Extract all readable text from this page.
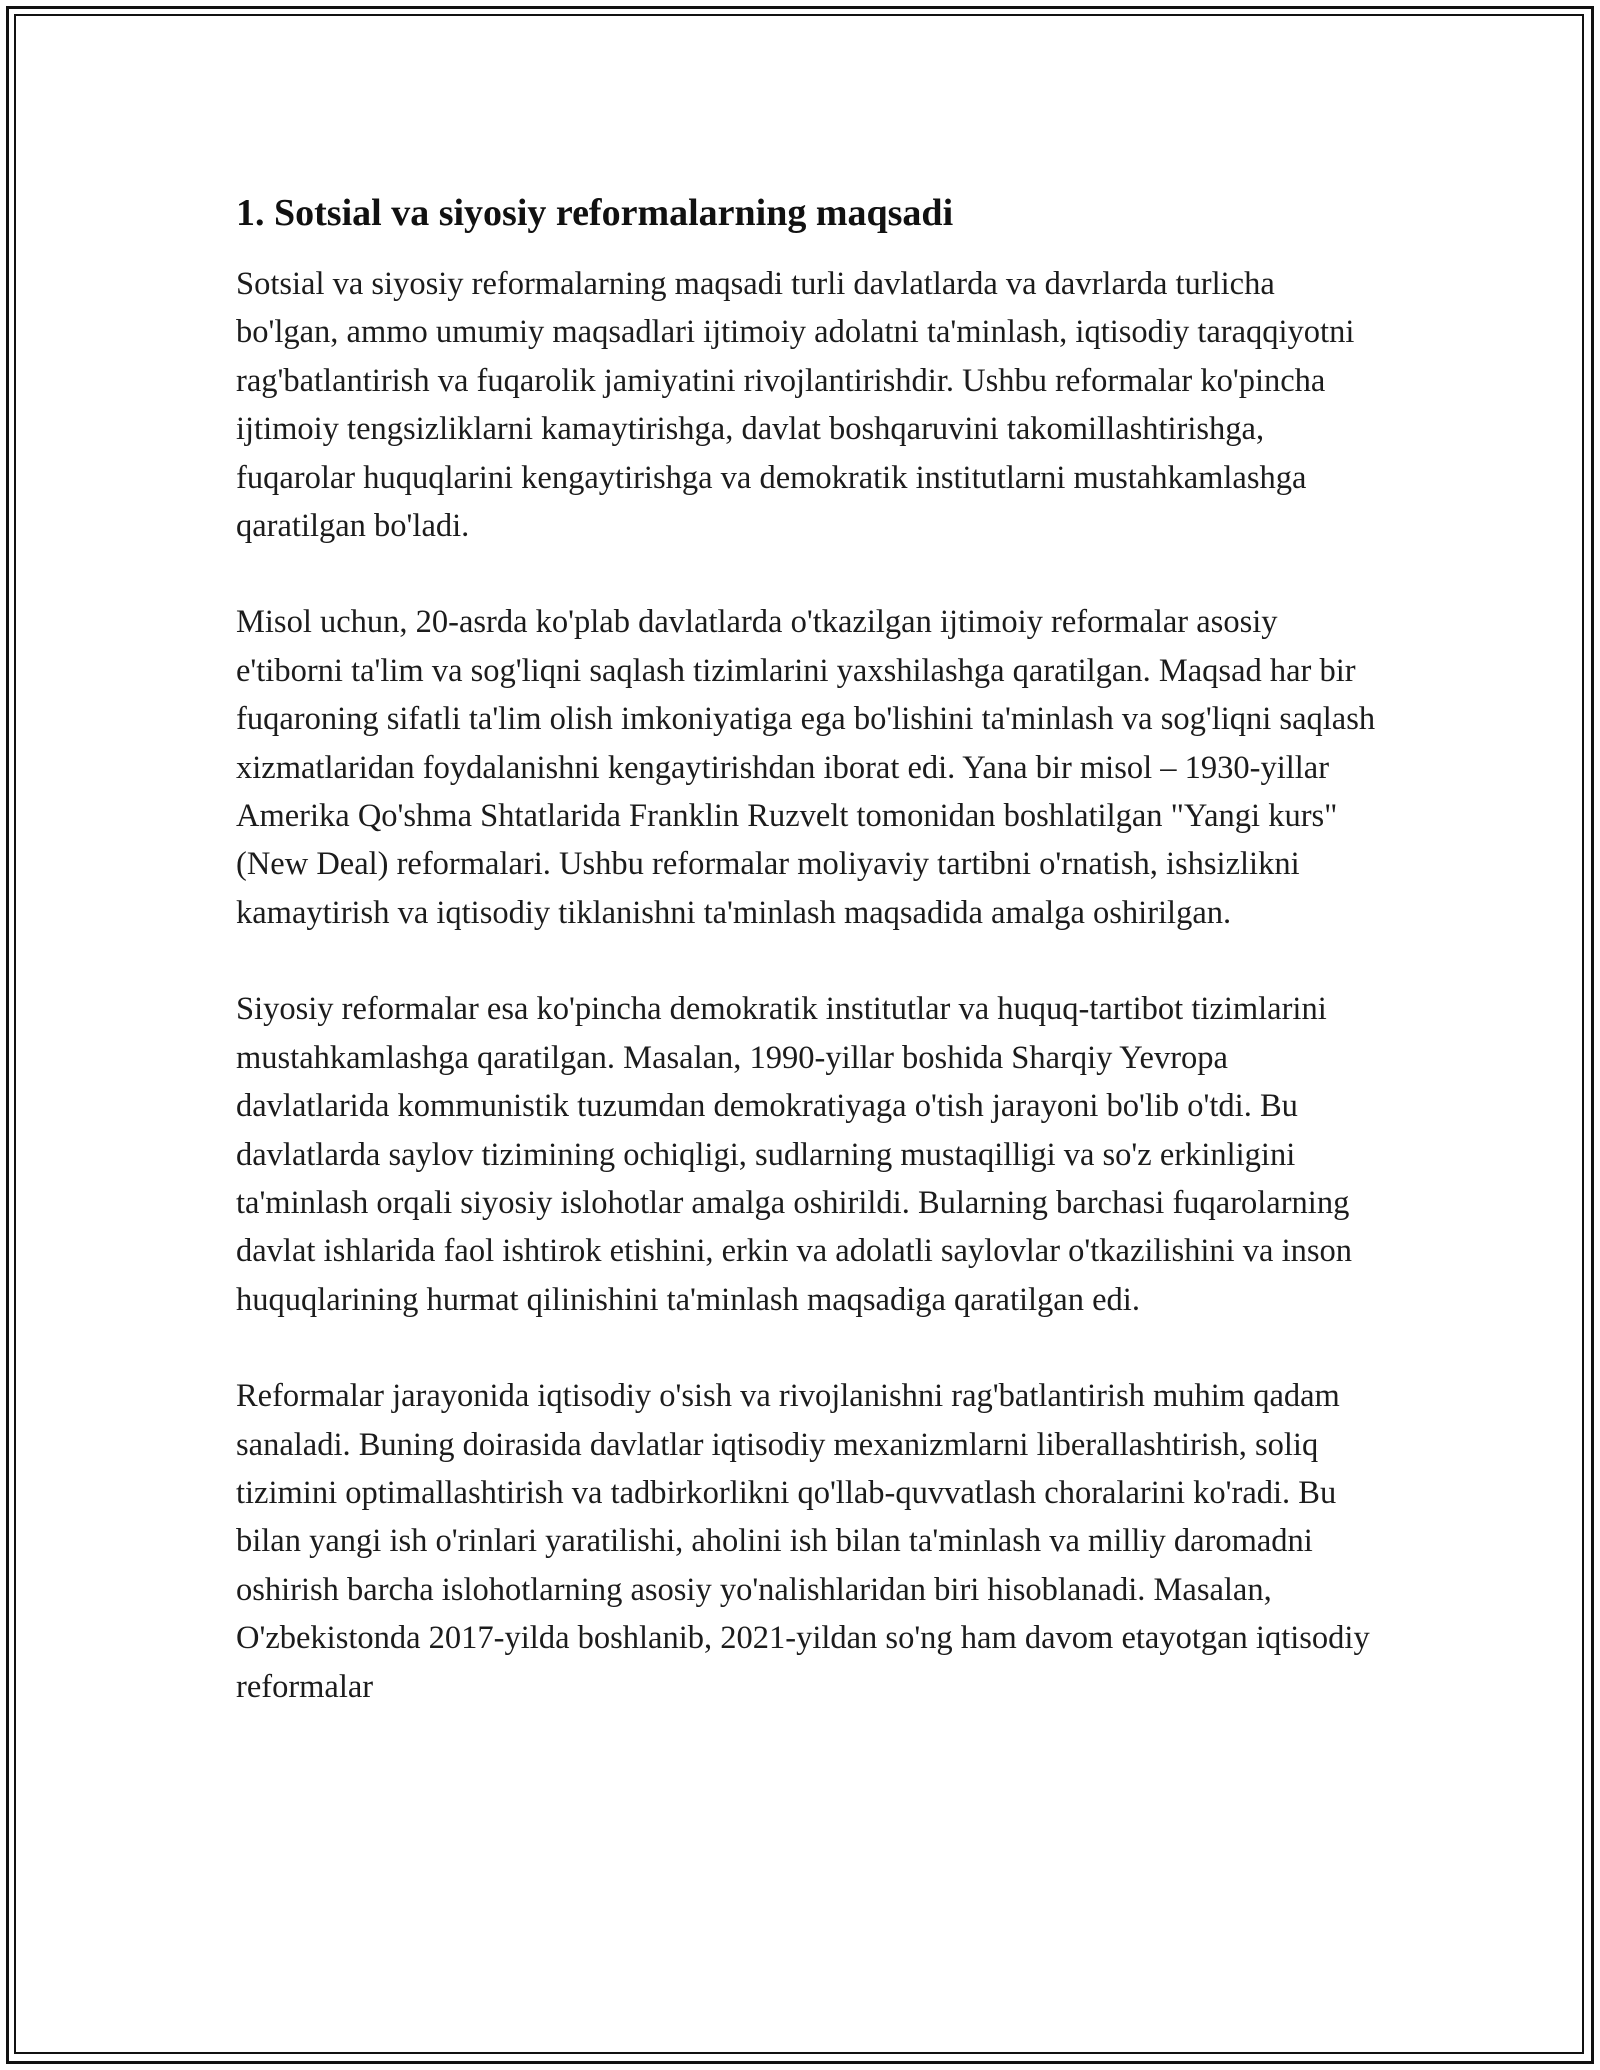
1. Sotsial va siyosiy reformalarning maqsadi

Sotsial va siyosiy reformalarning maqsadi turli davlatlarda va davrlarda turlicha bo'lgan, ammo umumiy maqsadlari ijtimoiy adolatni ta'minlash, iqtisodiy taraqqiyotni rag'batlantirish va fuqarolik jamiyatini rivojlantirishdir. Ushbu reformalar ko'pincha ijtimoiy tengsizliklarni kamaytirishga, davlat boshqaruvini takomillashtirishga, fuqarolar huquqlarini kengaytirishga va demokratik institutlarni mustahkamlashga qaratilgan bo'ladi.

Misol uchun, 20-asrda ko'plab davlatlarda o'tkazilgan ijtimoiy reformalar asosiy e'tiborni ta'lim va sog'liqni saqlash tizimlarini yaxshilashga qaratilgan. Maqsad har bir fuqaroning sifatli ta'lim olish imkoniyatiga ega bo'lishini ta'minlash va sog'liqni saqlash xizmatlaridan foydalanishni kengaytirishdan iborat edi. Yana bir misol – 1930-yillar Amerika Qo'shma Shtatlarida Franklin Ruzvelt tomonidan boshlatilgan "Yangi kurs" (New Deal) reformalari. Ushbu reformalar moliyaviy tartibni o'rnatish, ishsizlikni kamaytirish va iqtisodiy tiklanishni ta'minlash maqsadida amalga oshirilgan.

Siyosiy reformalar esa ko'pincha demokratik institutlar va huquq-tartibot tizimlarini mustahkamlashga qaratilgan. Masalan, 1990-yillar boshida Sharqiy Yevropa davlatlarida kommunistik tuzumdan demokratiyaga o'tish jarayoni bo'lib o'tdi. Bu davlatlarda saylov tizimining ochiqligi, sudlarning mustaqilligi va so'z erkinligini ta'minlash orqali siyosiy islohotlar amalga oshirildi. Bularning barchasi fuqarolarning davlat ishlarida faol ishtirok etishini, erkin va adolatli saylovlar o'tkazilishini va inson huquqlarining hurmat qilinishini ta'minlash maqsadiga qaratilgan edi.

Reformalar jarayonida iqtisodiy o'sish va rivojlanishni rag'batlantirish muhim qadam sanaladi. Buning doirasida davlatlar iqtisodiy mexanizmlarni liberallashtirish, soliq tizimini optimallashtirish va tadbirkorlikni qo'llab-quvvatlash choralarini ko'radi. Bu bilan yangi ish o'rinlari yaratilishi, aholini ish bilan ta'minlash va milliy daromadni oshirish barcha islohotlarning asosiy yo'nalishlaridan biri hisoblanadi. Masalan, O'zbekistonda 2017-yilda boshlanib, 2021-yildan so'ng ham davom etayotgan iqtisodiy reformalar
